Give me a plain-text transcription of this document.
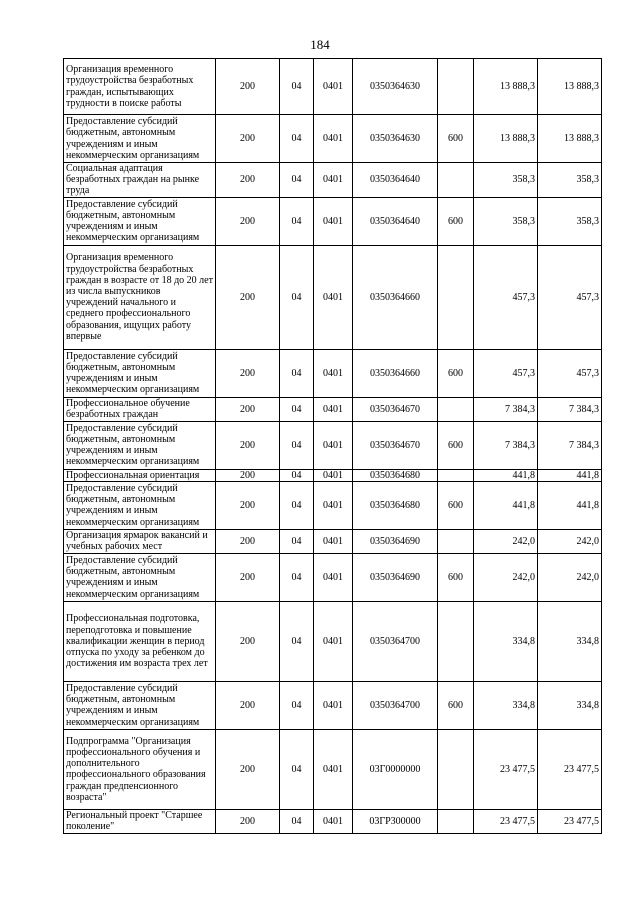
184
Организация временного трудоустройства безработных граждан, испытывающих трудности в поиске работы	200	04	0401	0350364630		13 888,3	13 888,3
Предоставление субсидий бюджетным, автономным учреждениям и иным некоммерческим организациям	200	04	0401	0350364630	600	13 888,3	13 888,3
Социальная адаптация безработных граждан на рынке труда	200	04	0401	0350364640		358,3	358,3
Предоставление субсидий бюджетным, автономным учреждениям и иным некоммерческим организациям	200	04	0401	0350364640	600	358,3	358,3
Организация временного трудоустройства безработных граждан в возрасте от 18 до 20 лет из числа выпускников учреждений начального и среднего профессионального образования, ищущих работу впервые	200	04	0401	0350364660		457,3	457,3
Предоставление субсидий бюджетным, автономным учреждениям и иным некоммерческим организациям	200	04	0401	0350364660	600	457,3	457,3
Профессиональное обучение безработных граждан	200	04	0401	0350364670		7 384,3	7 384,3
Предоставление субсидий бюджетным, автономным учреждениям и иным некоммерческим организациям	200	04	0401	0350364670	600	7 384,3	7 384,3
Профессиональная ориентация	200	04	0401	0350364680		441,8	441,8
Предоставление субсидий бюджетным, автономным учреждениям и иным некоммерческим организациям	200	04	0401	0350364680	600	441,8	441,8
Организация ярмарок вакансий и учебных рабочих мест	200	04	0401	0350364690		242,0	242,0
Предоставление субсидий бюджетным, автономным учреждениям и иным некоммерческим организациям	200	04	0401	0350364690	600	242,0	242,0
Профессиональная подготовка, переподготовка и повышение квалификации женщин в период отпуска по уходу за ребенком до достижения им возраста трех лет	200	04	0401	0350364700		334,8	334,8
Предоставление субсидий бюджетным, автономным учреждениям и иным некоммерческим организациям	200	04	0401	0350364700	600	334,8	334,8
Подпрограмма "Организация профессионального обучения и дополнительного профессионального образования граждан предпенсионного возраста"	200	04	0401	03Г0000000		23 477,5	23 477,5
Региональный проект "Старшее поколение"	200	04	0401	03ГP300000		23 477,5	23 477,5
